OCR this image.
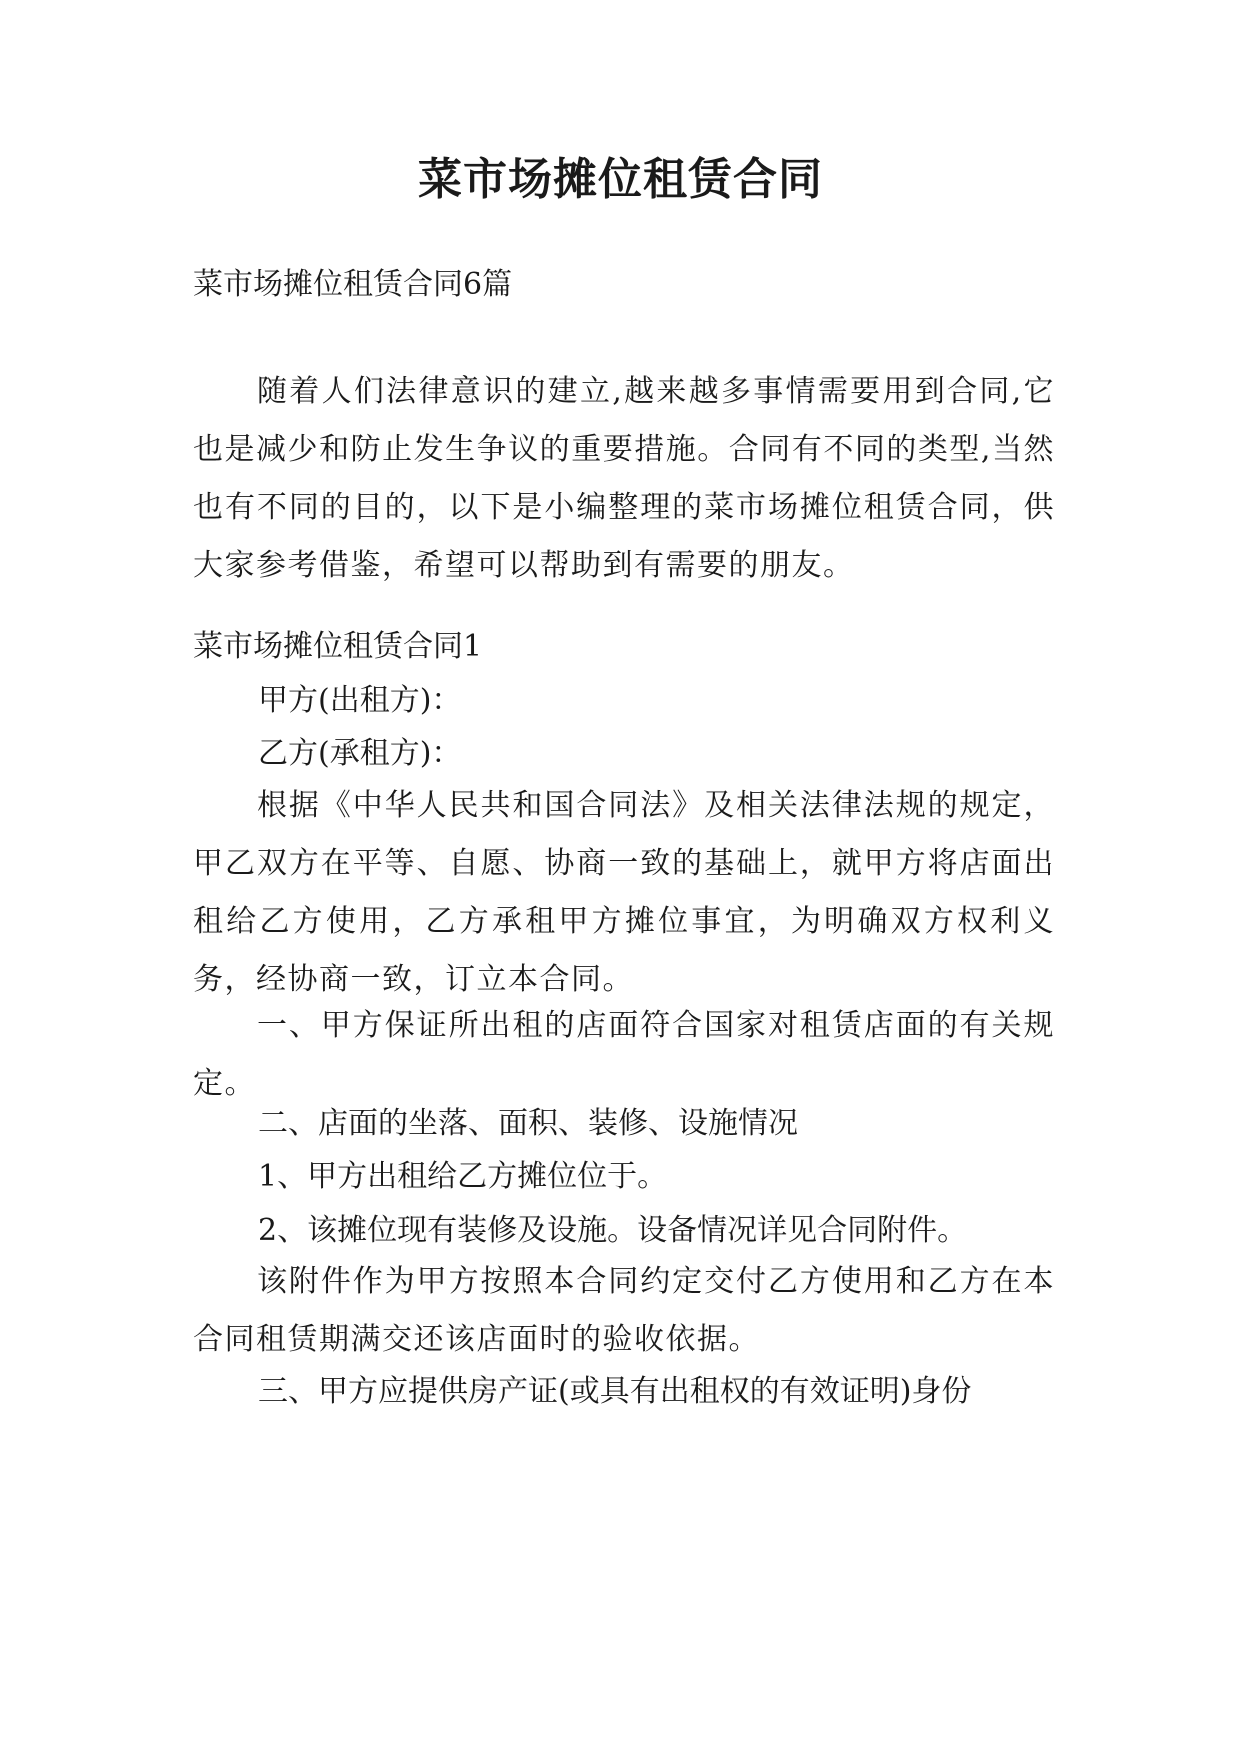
菜市场摊位租赁合同
菜市场摊位租赁合同6篇
随着人们法律意识的建立,越来越多事情需要用到合同,它也是减少和防止发生争议的重要措施。合同有不同的类型,当然也有不同的目的，以下是小编整理的菜市场摊位租赁合同，供大家参考借鉴，希望可以帮助到有需要的朋友。
菜市场摊位租赁合同1
甲方(出租方)：
乙方(承租方)：
根据《中华人民共和国合同法》及相关法律法规的规定，甲乙双方在平等、自愿、协商一致的基础上，就甲方将店面出租给乙方使用，乙方承租甲方摊位事宜，为明确双方权利义务，经协商一致，订立本合同。
一、甲方保证所出租的店面符合国家对租赁店面的有关规定。
二、店面的坐落、面积、装修、设施情况
1、甲方出租给乙方摊位位于。
2、该摊位现有装修及设施。设备情况详见合同附件。
该附件作为甲方按照本合同约定交付乙方使用和乙方在本合同租赁期满交还该店面时的验收依据。
三、甲方应提供房产证(或具有出租权的有效证明)身份
